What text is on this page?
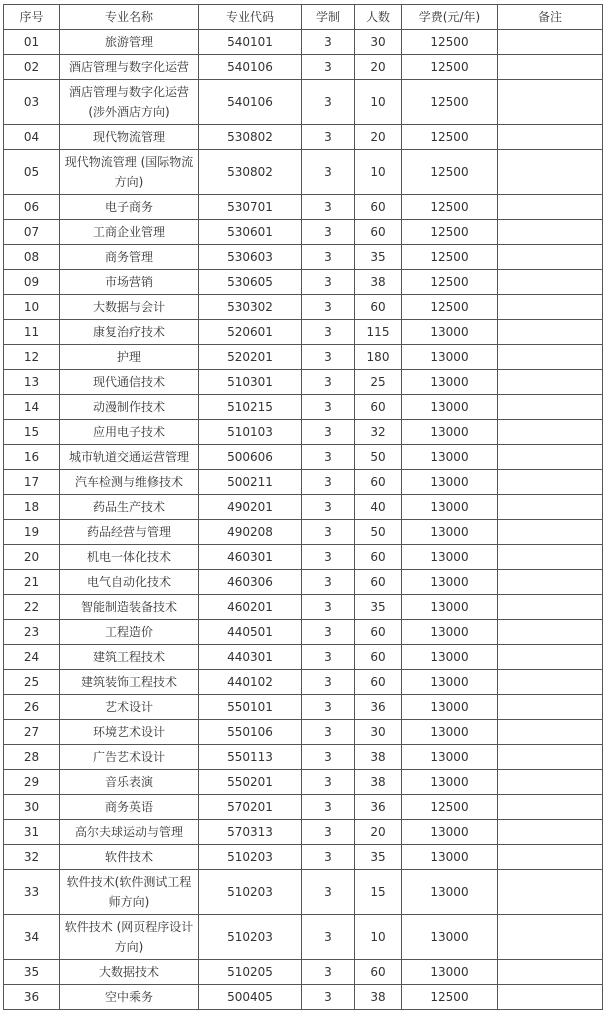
序号	专业名称	专业代码	学制	人数	学费(元/年)	备注
01	旅游管理	540101	3	30	12500	
02	酒店管理与数字化运营	540106	3	20	12500	
03	酒店管理与数字化运营(涉外酒店方向)	540106	3	10	12500	
04	现代物流管理	530802	3	20	12500	
05	现代物流管理 (国际物流方向)	530802	3	10	12500	
06	电子商务	530701	3	60	12500	
07	工商企业管理	530601	3	60	12500	
08	商务管理	530603	3	35	12500	
09	市场营销	530605	3	38	12500	
10	大数据与会计	530302	3	60	12500	
11	康复治疗技术	520601	3	115	13000	
12	护理	520201	3	180	13000	
13	现代通信技术	510301	3	25	13000	
14	动漫制作技术	510215	3	60	13000	
15	应用电子技术	510103	3	32	13000	
16	城市轨道交通运营管理	500606	3	50	13000	
17	汽车检测与维修技术	500211	3	60	13000	
18	药品生产技术	490201	3	40	13000	
19	药品经营与管理	490208	3	50	13000	
20	机电一体化技术	460301	3	60	13000	
21	电气自动化技术	460306	3	60	13000	
22	智能制造装备技术	460201	3	35	13000	
23	工程造价	440501	3	60	13000	
24	建筑工程技术	440301	3	60	13000	
25	建筑装饰工程技术	440102	3	60	13000	
26	艺术设计	550101	3	36	13000	
27	环境艺术设计	550106	3	30	13000	
28	广告艺术设计	550113	3	38	13000	
29	音乐表演	550201	3	38	13000	
30	商务英语	570201	3	36	12500	
31	高尔夫球运动与管理	570313	3	20	13000	
32	软件技术	510203	3	35	13000	
33	软件技术(软件测试工程师方向)	510203	3	15	13000	
34	软件技术 (网页程序设计方向)	510203	3	10	13000	
35	大数据技术	510205	3	60	13000	
36	空中乘务	500405	3	38	12500	
